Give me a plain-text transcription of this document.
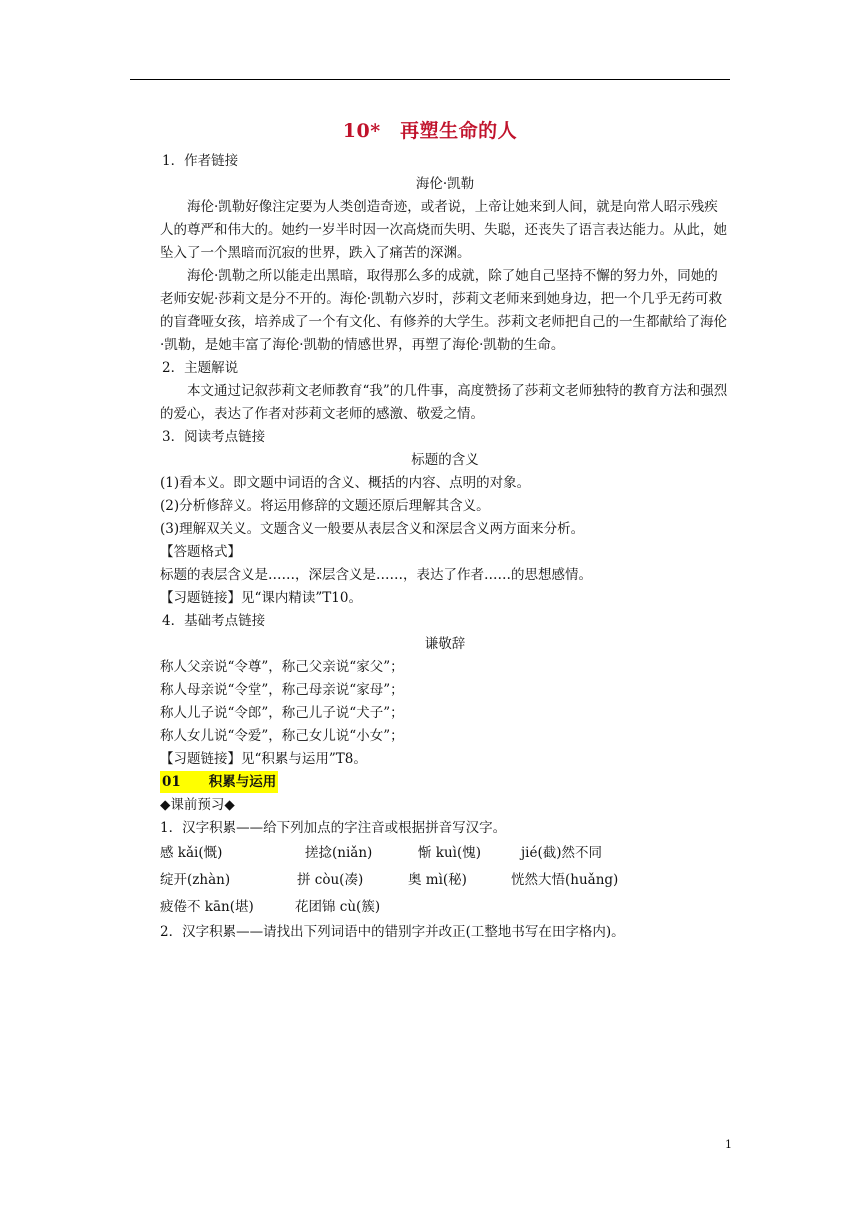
10*　再塑生命的人
1．作者链接
海伦·凯勒
海伦·凯勒好像注定要为人类创造奇迹，或者说，上帝让她来到人间，就是向常人昭示残疾人的尊严和伟大的。她约一岁半时因一次高烧而失明、失聪，还丧失了语言表达能力。从此，她坠入了一个黑暗而沉寂的世界，跌入了痛苦的深渊。
海伦·凯勒之所以能走出黑暗，取得那么多的成就，除了她自己坚持不懈的努力外，同她的老师安妮·莎莉文是分不开的。海伦·凯勒六岁时，莎莉文老师来到她身边，把一个几乎无药可救的盲聋哑女孩，培养成了一个有文化、有修养的大学生。莎莉文老师把自己的一生都献给了海伦·凯勒，是她丰富了海伦·凯勒的情感世界，再塑了海伦·凯勒的生命。
2．主题解说
本文通过记叙莎莉文老师教育“我”的几件事，高度赞扬了莎莉文老师独特的教育方法和强烈的爱心，表达了作者对莎莉文老师的感激、敬爱之情。
3．阅读考点链接
标题的含义
(1)看本义。即文题中词语的含义、概括的内容、点明的对象。
(2)分析修辞义。将运用修辞的文题还原后理解其含义。
(3)理解双关义。文题含义一般要从表层含义和深层含义两方面来分析。
【答题格式】
标题的表层含义是……，深层含义是……，表达了作者……的思想感情。
【习题链接】见“课内精读”T10。
4．基础考点链接
谦敬辞
称人父亲说“令尊”，称己父亲说“家父”；
称人母亲说“令堂”，称己母亲说“家母”；
称人儿子说“令郎”，称己儿子说“犬子”；
称人女儿说“令爱”，称己女儿说“小女”；
【习题链接】见“积累与运用”T8。
01 积累与运用
◆课前预习◆
1．汉字积累——给下列加点的字注音或根据拼音写汉字。
感 kǎi(慨)	搓捻(niǎn)	惭 kuì(愧)	jié(截)然不同
绽开(zhàn)	拼 còu(凑)	奥 mì(秘)	恍然大悟(huǎng)
疲倦不 kān(堪)	花团锦 cù(簇)
2．汉字积累——请找出下列词语中的错别字并改正(工整地书写在田字格内)。
1
